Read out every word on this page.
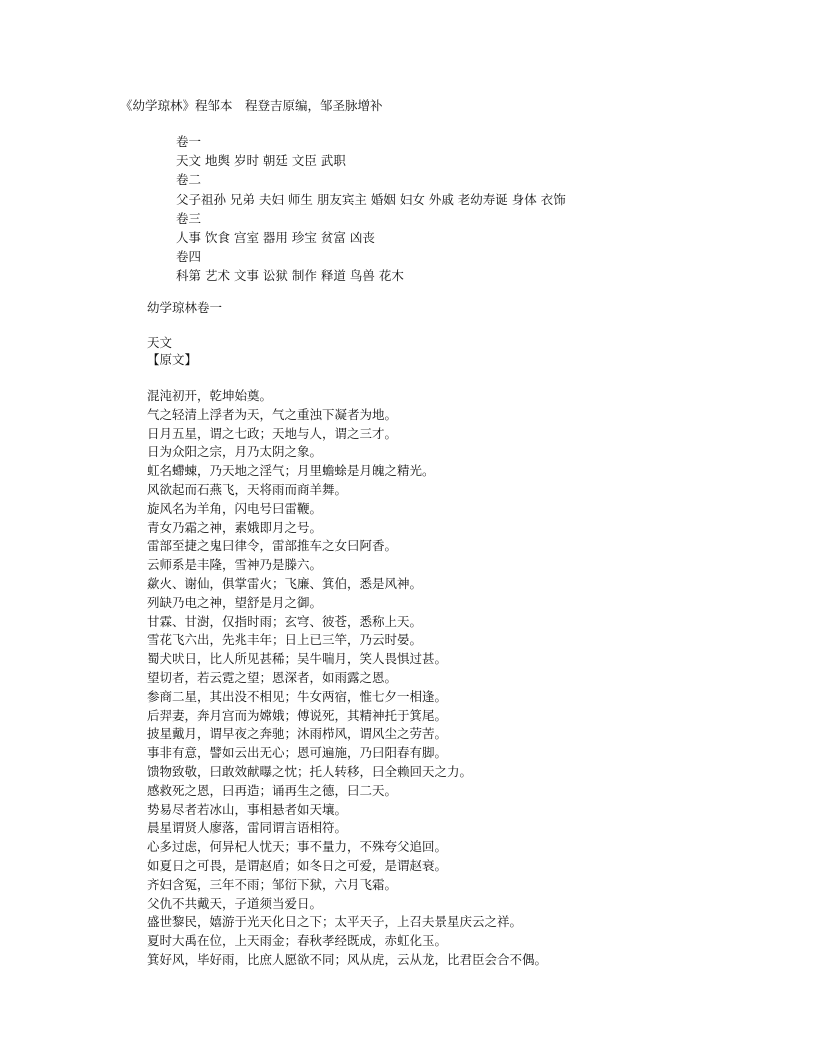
《幼学琼林》程邹本　程登吉原编，邹圣脉增补
卷一
天文 地舆 岁时 朝廷 文臣 武职
卷二
父子祖孙 兄弟 夫妇 师生 朋友宾主 婚姻 妇女 外戚 老幼寿诞 身体 衣饰
卷三
人事 饮食 宫室 器用 珍宝 贫富 凶丧
卷四
科第 艺术 文事 讼狱 制作 释道 鸟兽 花木
幼学琼林卷一
天文
【原文】
混沌初开，乾坤始奠。
气之轻清上浮者为天，气之重浊下凝者为地。
日月五星，谓之七政；天地与人，谓之三才。
日为众阳之宗，月乃太阴之象。
虹名螮蝀，乃天地之淫气；月里蟾蜍是月魄之精光。
风欲起而石燕飞，天将雨而商羊舞。
旋风名为羊角，闪电号曰雷鞭。
青女乃霜之神，素娥即月之号。
雷部至捷之鬼曰律令，雷部推车之女曰阿香。
云师系是丰隆，雪神乃是滕六。
歘火、谢仙，俱掌雷火；飞廉、箕伯，悉是风神。
列缺乃电之神，望舒是月之御。
甘霖、甘澍，仅指时雨；玄穹、彼苍，悉称上天。
雪花飞六出，先兆丰年；日上已三竿，乃云时晏。
蜀犬吠日，比人所见甚稀；吴牛喘月，笑人畏惧过甚。
望切者，若云霓之望；恩深者，如雨露之恩。
参商二星，其出没不相见；牛女两宿，惟七夕一相逢。
后羿妻，奔月宫而为嫦娥；傅说死，其精神托于箕尾。
披星戴月，谓早夜之奔驰；沐雨栉风，谓风尘之劳苦。
事非有意，譬如云出无心；恩可遍施，乃曰阳春有脚。
馈物致敬，曰敢效献曝之忱；托人转移，曰全赖回天之力。
感救死之恩，曰再造；诵再生之德，曰二天。
势易尽者若冰山，事相悬者如天壤。
晨星谓贤人廖落，雷同谓言语相符。
心多过虑，何异杞人忧天；事不量力，不殊夸父追回。
如夏日之可畏，是谓赵盾；如冬日之可爱，是谓赵衰。
齐妇含冤，三年不雨；邹衍下狱，六月飞霜。
父仇不共戴天，子道须当爱日。
盛世黎民，嬉游于光天化日之下；太平天子，上召夫景星庆云之祥。
夏时大禹在位，上天雨金；春秋孝经既成，赤虹化玉。
箕好风，毕好雨，比庶人愿欲不同；风从虎，云从龙，比君臣会合不偶。
